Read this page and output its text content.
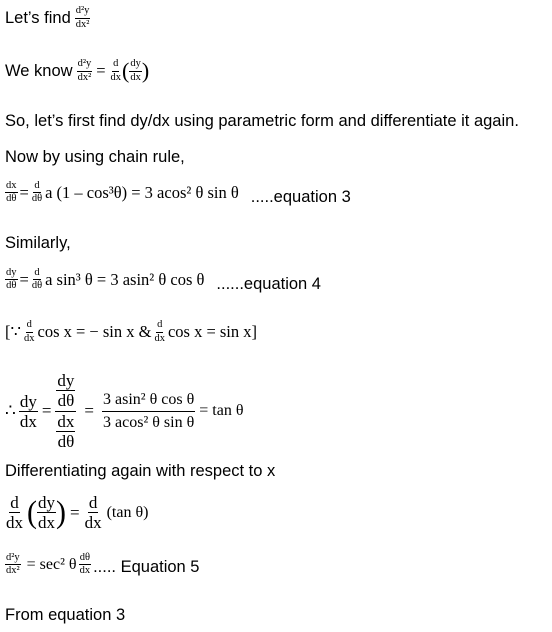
Let’s find $\frac{\text{d²y}}{\text{dx²}}$
We know $\frac{\text{d²y}}{\text{dx²}} = \frac{d}{dx}$ ( $\frac{dy}{dx}$ )
So, let’s first find dy/dx using parametric form and differentiate it again.
Now by using chain rule,
$\frac{dx}{d\theta} = \frac{d}{d\theta}$ a (1 – cos³θ) = 3 acos² θ sin θ .....equation 3
Similarly,
$\frac{dy}{d\theta} = \frac{d}{d\theta}$ a sin³ θ = 3 asin² θ cos θ ......equation 4
[∵ $\frac{d}{dx}$ cos x = − sin x & $\frac{d}{dx}$ cos x = sin x]
∴ $\frac{dy}{dx} = \frac{\frac{dy}{d\theta}}{\frac{dx}{d\theta}} = \frac{\text{3 asin² θ cos θ}}{\text{3 acos² θ sin θ}} = \tan \theta$
Differentiating again with respect to x
$\frac{d}{dx}$ ( $\frac{dy}{dx}$ ) = $\frac{d}{dx} (\tan$ θ)
$\frac{\text{d²y}}{\text{dx²}} = \sec^2$ θ $\frac{d\theta}{dx}$ ..... Equation 5
From equation 3
